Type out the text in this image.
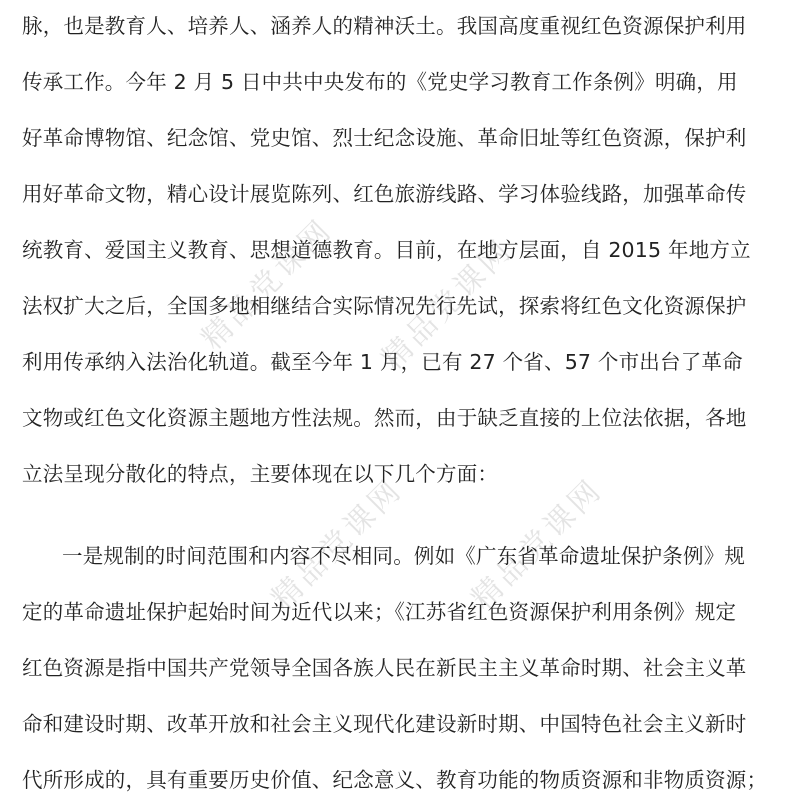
精品党课网 精品党课网
精品党课网 精品党课网
脉，也是教育人、培养人、涵养人的精神沃土。我国高度重视红色资源保护利用
传承工作。今年 2 月 5 日中共中央发布的《党史学习教育工作条例》明确，用
好革命博物馆、纪念馆、党史馆、烈士纪念设施、革命旧址等红色资源，保护利
用好革命文物，精心设计展览陈列、红色旅游线路、学习体验线路，加强革命传
统教育、爱国主义教育、思想道德教育。目前，在地方层面，自 2015 年地方立
法权扩大之后，全国多地相继结合实际情况先行先试，探索将红色文化资源保护
利用传承纳入法治化轨道。截至今年 1 月，已有 27 个省、57 个市出台了革命
文物或红色文化资源主题地方性法规。然而，由于缺乏直接的上位法依据，各地
立法呈现分散化的特点，主要体现在以下几个方面：
一是规制的时间范围和内容不尽相同。例如《广东省革命遗址保护条例》规
定的革命遗址保护起始时间为近代以来；《江苏省红色资源保护利用条例》规定
红色资源是指中国共产党领导全国各族人民在新民主主义革命时期、社会主义革
命和建设时期、改革开放和社会主义现代化建设新时期、中国特色社会主义新时
代所形成的，具有重要历史价值、纪念意义、教育功能的物质资源和非物质资源；
